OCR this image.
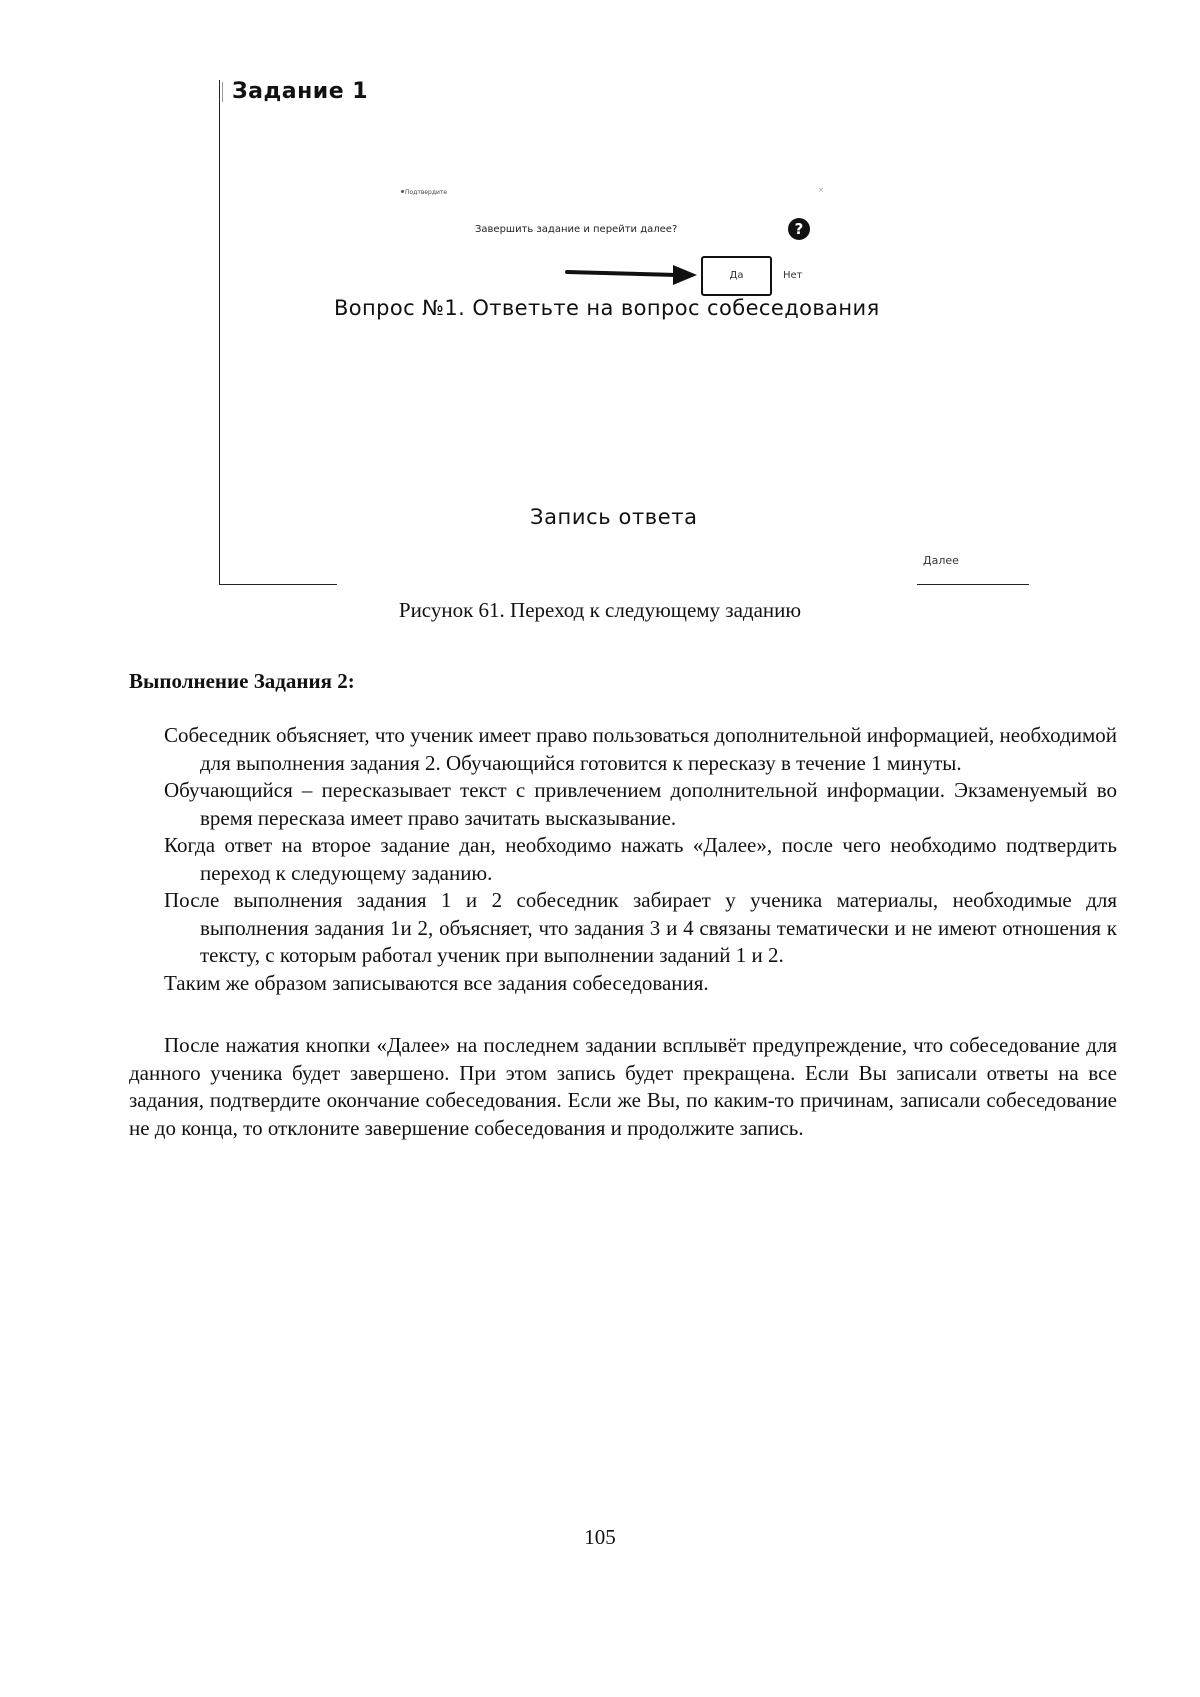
Задание 1
Подтвердите	×
Завершить задание и перейти далее?	?
Да	Нет
Вопрос №1. Ответьте на вопрос собеседования
Запись ответа
Далее
Рисунок 61. Переход к следующему заданию
Выполнение Задания 2:

Собеседник объясняет, что ученик имеет право пользоваться дополнительной информацией, необходимой для выполнения задания 2. Обучающийся готовится к пересказу в течение 1 минуты.

Обучающийся – пересказывает текст с привлечением дополнительной информации. Экзаменуемый во время пересказа имеет право зачитать высказывание.

Когда ответ на второе задание дан, необходимо нажать «Далее», после чего необходимо подтвердить переход к следующему заданию.

После выполнения задания 1 и 2 собеседник забирает у ученика материалы, необходимые для выполнения задания 1и 2, объясняет, что задания 3 и 4 связаны тематически и не имеют отношения к тексту, с которым работал ученик при выполнении заданий 1 и 2.

Таким же образом записываются все задания собеседования.

После нажатия кнопки «Далее» на последнем задании всплывёт предупреждение, что собеседование для данного ученика будет завершено. При этом запись будет прекращена. Если Вы записали ответы на все задания, подтвердите окончание собеседования. Если же Вы, по каким-то причинам, записали собеседование не до конца, то отклоните завершение собеседования и продолжите запись.

105
